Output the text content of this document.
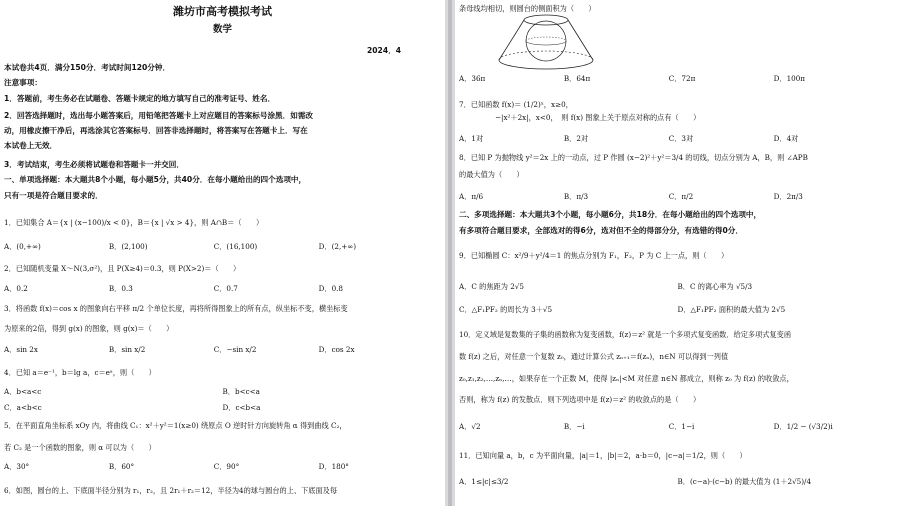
潍坊市高考模拟考试
数学
2024．4
本试卷共4页．满分150分．考试时间120分钟．
注意事项：
1．答题前，考生务必在试题卷、答题卡规定的地方填写自己的准考证号、姓名．
2．回答选择题时，选出每小题答案后，用铅笔把答题卡上对应题目的答案标号涂黑．如需改
动，用橡皮擦干净后，再选涂其它答案标号．回答非选择题时，将答案写在答题卡上．写在
本试卷上无效．
3．考试结束，考生必须将试题卷和答题卡一并交回．
一、单项选择题：本大题共8个小题，每小题5分，共40分．在每小题给出的四个选项中，
只有一项是符合题目要求的．
1．已知集合 A＝{x | (x−100)/x < 0}，B＝{x | √x > 4}，则 A∩B＝（　　）
A．(0,+∞)	B．(2,100)	C．(16,100)	D．(2,+∞)
2．已知随机变量 X～N(3,σ²)，且 P(X≥4)＝0.3，则 P(X>2)＝（　　）
A．0.2	B．0.3	C．0.7	D．0.8
3．将函数 f(x)＝cos x 的图象向右平移 π/2 个单位长度，再将所得图象上的所有点，纵坐标不变，横坐标变
为原来的2倍，得到 g(x) 的图象，则 g(x)＝（　　）
A．sin 2x	B．sin x/2	C．−sin x/2	D．cos 2x
4．已知 a＝e⁻¹，b＝lg a，c＝eᵃ，则（　　）
A．b<a<c	B．b<c<a
C．a<b<c	D．c<b<a
5．在平面直角坐标系 xOy 内，将曲线 C₁：x²＋y²＝1(x≥0) 绕原点 O 逆时针方向旋转角 α 得到曲线 C₂，
若 C₂ 是一个函数的图象，则 α 可以为（　　）
A．30°	B．60°	C．90°	D．180°
6．如图，圆台的上、下底面半径分别为 r₁，r₂，且 2r₁＋r₂＝12，半径为4的球与圆台的上、下底面及每
条母线均相切，则圆台的侧面积为（　　）
A．36π	B．64π	C．72π	D．100π
7．已知函数 f(x)＝ (1/2)ˣ，x≥0，
−|x²＋2x|，x<0，　则 f(x) 图象上关于原点对称的点有（　　）
A．1对	B．2对	C．3对	D．4对
8．已知 P 为抛物线 y²＝2x 上的一动点，过 P 作圆 (x−2)²＋y²＝3/4 的切线，切点分别为 A，B，则 ∠APB
的最大值为（　　）
A．π/6	B．π/3	C．π/2	D．2π/3
二、多项选择题：本大题共3个小题，每小题6分，共18分．在每小题给出的四个选项中，
有多项符合题目要求，全部选对的得6分，选对但不全的得部分分，有选错的得0分．
9．已知椭圆 C：x²/9＋y²/4＝1 的焦点分别为 F₁，F₂，P 为 C 上一点，则（　　）
A．C 的焦距为 2√5	B．C 的离心率为 √5/3
C．△F₁PF₂ 的周长为 3＋√5	D．△F₁PF₂ 面积的最大值为 2√5
10．定义域是复数集的子集的函数称为复变函数，f(z)＝z² 就是一个多项式复变函数．给定多项式复变函
数 f(z) 之后，对任意一个复数 z₀，通过计算公式 zₙ₊₁＝f(zₙ)，n∈N 可以得到一列值
z₀,z₁,z₂,…,zₙ,…，如果存在一个正数 M，使得 |zₙ|<M 对任意 n∈N 都成立，则称 z₀ 为 f(z) 的收敛点，
否则，称为 f(z) 的发散点．则下列选项中是 f(z)＝z² 的收敛点的是（　　）
A．√2	B．−i	C．1−i	D．1/2 − (√3/2)i
11．已知向量 a，b，c 为平面向量，|a|＝1，|b|＝2，a·b＝0，|c−a|＝1/2，则（　　）
A．1≤|c|≤3/2	B．(c−a)·(c−b) 的最大值为 (1＋2√5)/4
